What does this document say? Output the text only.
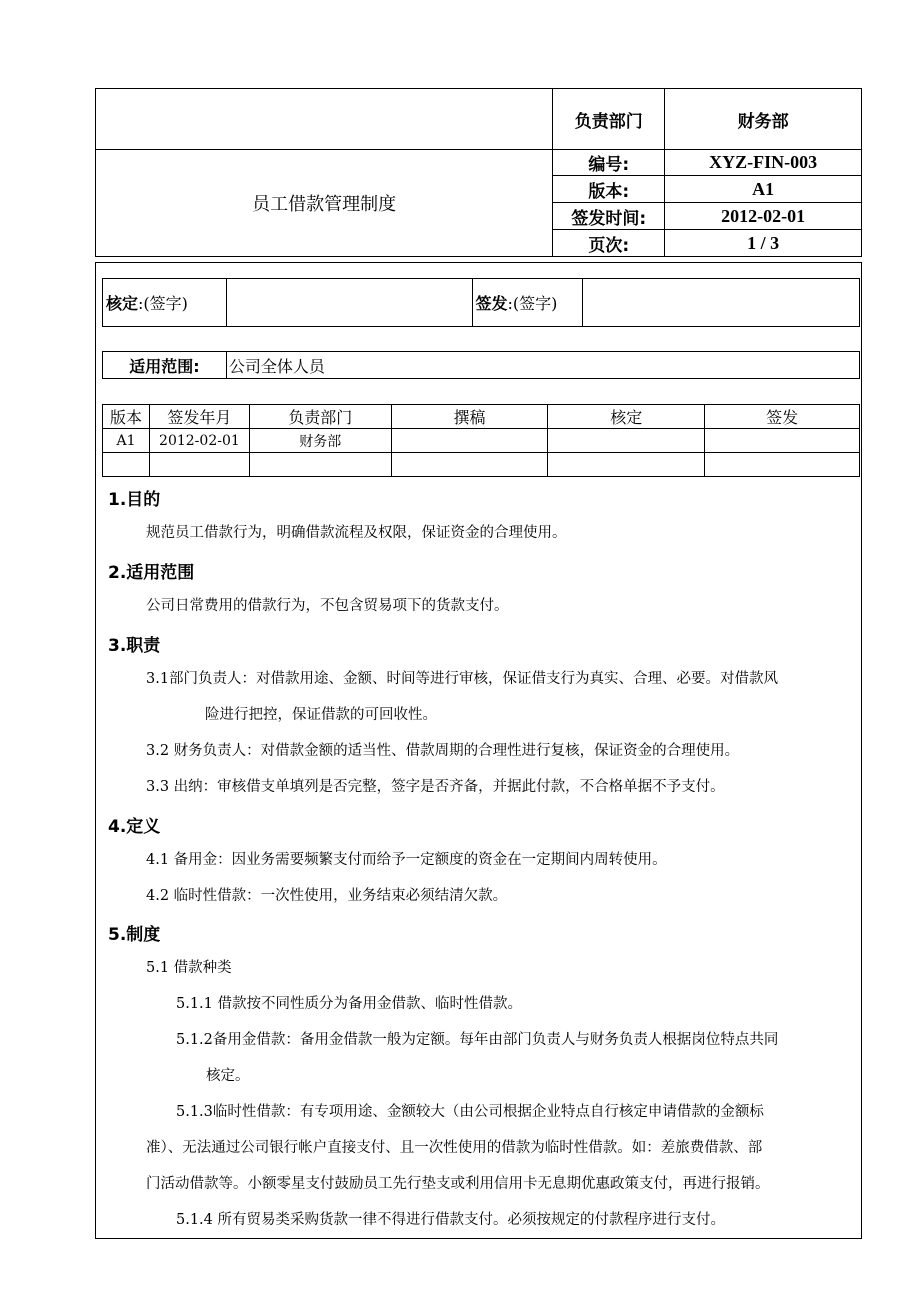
	负责部门	财务部
员工借款管理制度	编号:	XYZ-FIN-003
	版本:	A1
	签发时间:	2012-02-01
	页次:	1 / 3
核定:(签字)		签发:(签字)	
适用范围:	公司全体人员
版本	签发年月	负责部门	撰稿	核定	签发
A1	2012-02-01	财务部			

1.目的

规范员工借款行为，明确借款流程及权限，保证资金的合理使用。

2.适用范围

公司日常费用的借款行为，不包含贸易项下的货款支付。

3.职责

3.1部门负责人：对借款用途、金额、时间等进行审核，保证借支行为真实、合理、必要。对借款风

险进行把控，保证借款的可回收性。

3.2 财务负责人：对借款金额的适当性、借款周期的合理性进行复核，保证资金的合理使用。

3.3 出纳：审核借支单填列是否完整，签字是否齐备，并据此付款，不合格单据不予支付。

4.定义

4.1 备用金：因业务需要频繁支付而给予一定额度的资金在一定期间内周转使用。

4.2 临时性借款：一次性使用，业务结束必须结清欠款。

5.制度

5.1 借款种类

5.1.1 借款按不同性质分为备用金借款、临时性借款。

5.1.2备用金借款：备用金借款一般为定额。每年由部门负责人与财务负责人根据岗位特点共同

核定。

5.1.3临时性借款：有专项用途、金额较大（由公司根据企业特点自行核定申请借款的金额标

准）、无法通过公司银行帐户直接支付、且一次性使用的借款为临时性借款。如：差旅费借款、部

门活动借款等。小额零星支付鼓励员工先行垫支或利用信用卡无息期优惠政策支付，再进行报销。

5.1.4 所有贸易类采购货款一律不得进行借款支付。必须按规定的付款程序进行支付。
